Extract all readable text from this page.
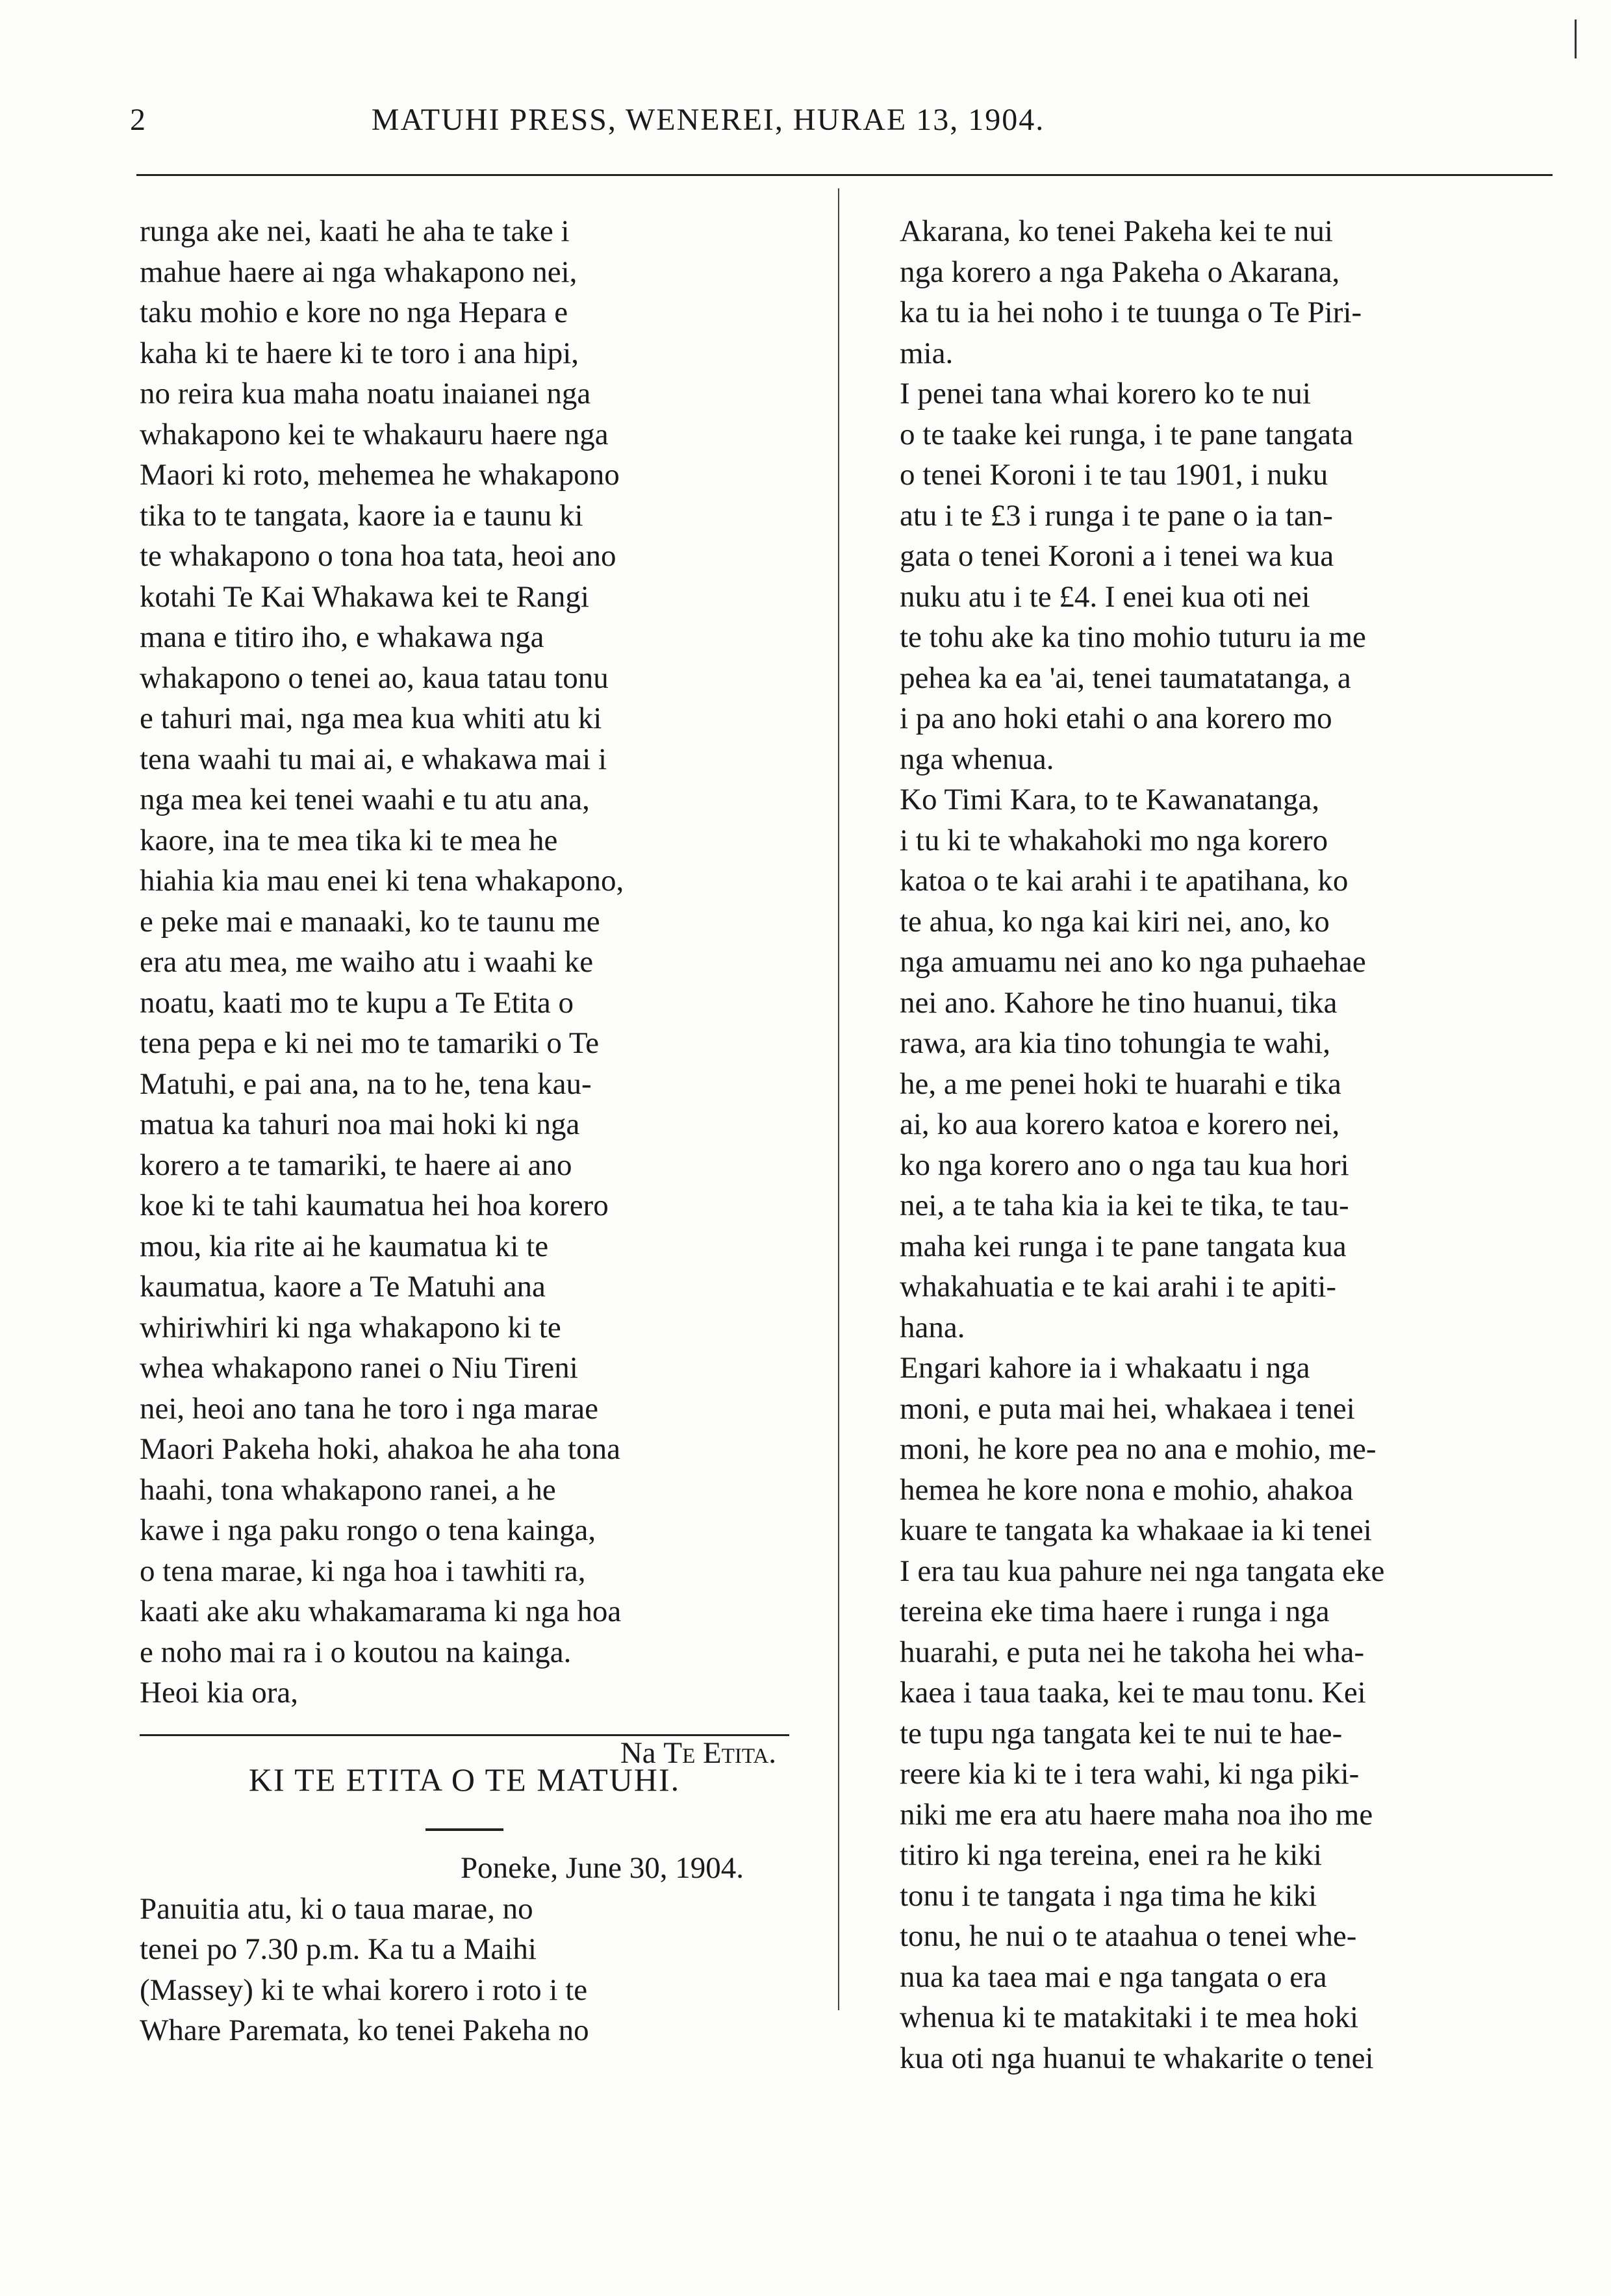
2	MATUHI PRESS, WENEREI, HURAE 13, 1904.
runga ake nei, kaati he aha te take i
mahue haere ai nga whakapono nei,
taku mohio e kore no nga Hepara e
kaha ki te haere ki te toro i ana hipi,
no reira kua maha noatu inaianei nga
whakapono kei te whakauru haere nga
Maori ki roto, mehemea he whakapono
tika to te tangata, kaore ia e taunu ki
te whakapono o tona hoa tata, heoi ano
kotahi Te Kai Whakawa kei te Rangi
mana e titiro iho, e whakawa nga
whakapono o tenei ao, kaua tatau tonu
e tahuri mai, nga mea kua whiti atu ki
tena waahi tu mai ai, e whakawa mai i
nga mea kei tenei waahi e tu atu ana,
kaore, ina te mea tika ki te mea he
hiahia kia mau enei ki tena whakapono,
e peke mai e manaaki, ko te taunu me
era atu mea, me waiho atu i waahi ke
noatu, kaati mo te kupu a Te Etita o
tena pepa e ki nei mo te tamariki o Te
Matuhi, e pai ana, na to he, tena kau-
matua ka tahuri noa mai hoki ki nga
korero a te tamariki, te haere ai ano
koe ki te tahi kaumatua hei hoa korero
mou, kia rite ai he kaumatua ki te
kaumatua, kaore a Te Matuhi ana
whiriwhiri ki nga whakapono ki te
whea whakapono ranei o Niu Tireni
nei, heoi ano tana he toro i nga marae
Maori Pakeha hoki, ahakoa he aha tona
haahi, tona whakapono ranei, a he
kawe i nga paku rongo o tena kainga,
o tena marae, ki nga hoa i tawhiti ra,
kaati ake aku whakamarama ki nga hoa
e noho mai ra i o koutou na kainga.
Heoi kia ora,
Na Te Etita.
KI TE ETITA O TE MATUHI.
Poneke, June 30, 1904.
Panuitia atu, ki o taua marae, no
tenei po 7.30 p.m. Ka tu a Maihi
(Massey) ki te whai korero i roto i te
Whare Paremata, ko tenei Pakeha no
Akarana, ko tenei Pakeha kei te nui
nga korero a nga Pakeha o Akarana,
ka tu ia hei noho i te tuunga o Te Piri-
mia.
I penei tana whai korero ko te nui
o te taake kei runga, i te pane tangata
o tenei Koroni i te tau 1901, i nuku
atu i te £3 i runga i te pane o ia tan-
gata o tenei Koroni a i tenei wa kua
nuku atu i te £4. I enei kua oti nei
te tohu ake ka tino mohio tuturu ia me
pehea ka ea 'ai, tenei taumatatanga, a
i pa ano hoki etahi o ana korero mo
nga whenua.
Ko Timi Kara, to te Kawanatanga,
i tu ki te whakahoki mo nga korero
katoa o te kai arahi i te apatihana, ko
te ahua, ko nga kai kiri nei, ano, ko
nga amuamu nei ano ko nga puhaehae
nei ano. Kahore he tino huanui, tika
rawa, ara kia tino tohungia te wahi,
he, a me penei hoki te huarahi e tika
ai, ko aua korero katoa e korero nei,
ko nga korero ano o nga tau kua hori
nei, a te taha kia ia kei te tika, te tau-
maha kei runga i te pane tangata kua
whakahuatia e te kai arahi i te apiti-
hana.
Engari kahore ia i whakaatu i nga
moni, e puta mai hei, whakaea i tenei
moni, he kore pea no ana e mohio, me-
hemea he kore nona e mohio, ahakoa
kuare te tangata ka whakaae ia ki tenei
I era tau kua pahure nei nga tangata eke
tereina eke tima haere i runga i nga
huarahi, e puta nei he takoha hei wha-
kaea i taua taaka, kei te mau tonu. Kei
te tupu nga tangata kei te nui te hae-
reere kia ki te i tera wahi, ki nga piki-
niki me era atu haere maha noa iho me
titiro ki nga tereina, enei ra he kiki
tonu i te tangata i nga tima he kiki
tonu, he nui o te ataahua o tenei whe-
nua ka taea mai e nga tangata o era
whenua ki te matakitaki i te mea hoki
kua oti nga huanui te whakarite o tenei
